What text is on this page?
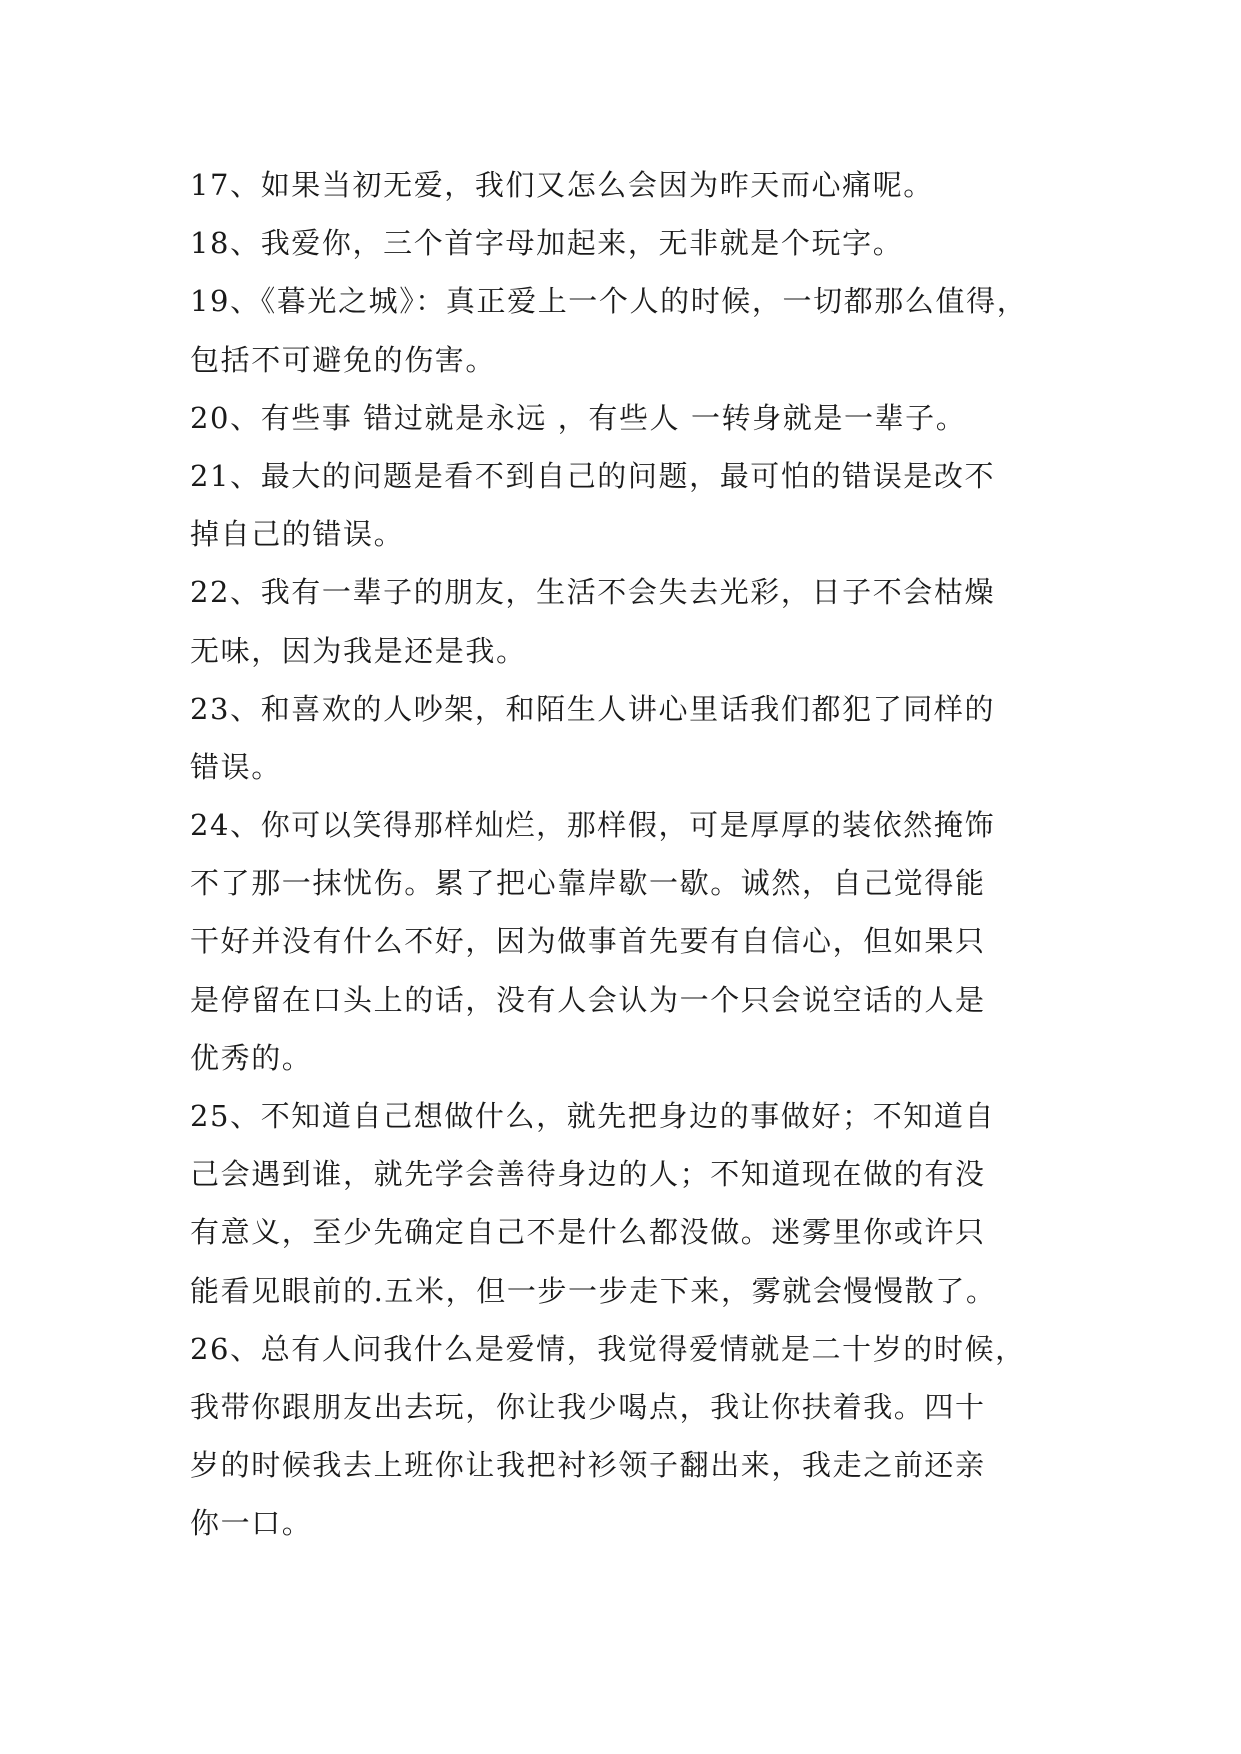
17、如果当初无爱，我们又怎么会因为昨天而心痛呢。
18、我爱你，三个首字母加起来，无非就是个玩字。
19、《暮光之城》：真正爱上一个人的时候，一切都那么值得，
包括不可避免的伤害。
20、有些事 错过就是永远 ，有些人 一转身就是一辈子。
21、最大的问题是看不到自己的问题，最可怕的错误是改不
掉自己的错误。
22、我有一辈子的朋友，生活不会失去光彩，日子不会枯燥
无味，因为我是还是我。
23、和喜欢的人吵架，和陌生人讲心里话我们都犯了同样的
错误。
24、你可以笑得那样灿烂，那样假，可是厚厚的装依然掩饰
不了那一抹忧伤。累了把心靠岸歇一歇。诚然，自己觉得能
干好并没有什么不好，因为做事首先要有自信心，但如果只
是停留在口头上的话，没有人会认为一个只会说空话的人是
优秀的。
25、不知道自己想做什么，就先把身边的事做好；不知道自
己会遇到谁，就先学会善待身边的人；不知道现在做的有没
有意义，至少先确定自己不是什么都没做。迷雾里你或许只
能看见眼前的.五米，但一步一步走下来，雾就会慢慢散了。
26、总有人问我什么是爱情，我觉得爱情就是二十岁的时候，
我带你跟朋友出去玩，你让我少喝点，我让你扶着我。四十
岁的时候我去上班你让我把衬衫领子翻出来，我走之前还亲
你一口。
